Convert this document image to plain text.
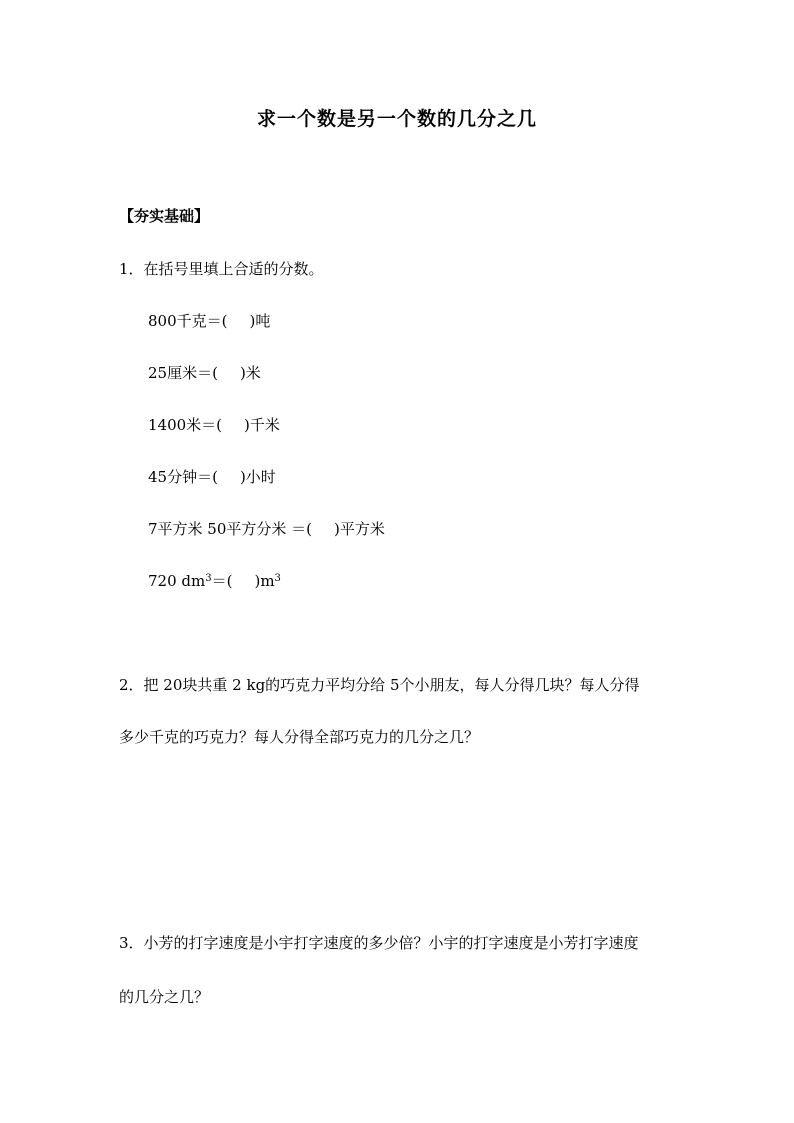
求一个数是另一个数的几分之几
【夯实基础】
1．在括号里填上合适的分数。
800千克＝( )吨
25厘米＝( )米
1400米＝( )千米
45分钟＝( )小时
7平方米 50平方分米 ＝( )平方米
720 $dm^3=$( )$m^3$
2．把 20块共重 2 kg的巧克力平均分给 5个小朋友，每人分得几块？每人分得
多少千克的巧克力？每人分得全部巧克力的几分之几？
3．小芳的打字速度是小宇打字速度的多少倍？小宇的打字速度是小芳打字速度
的几分之几？
